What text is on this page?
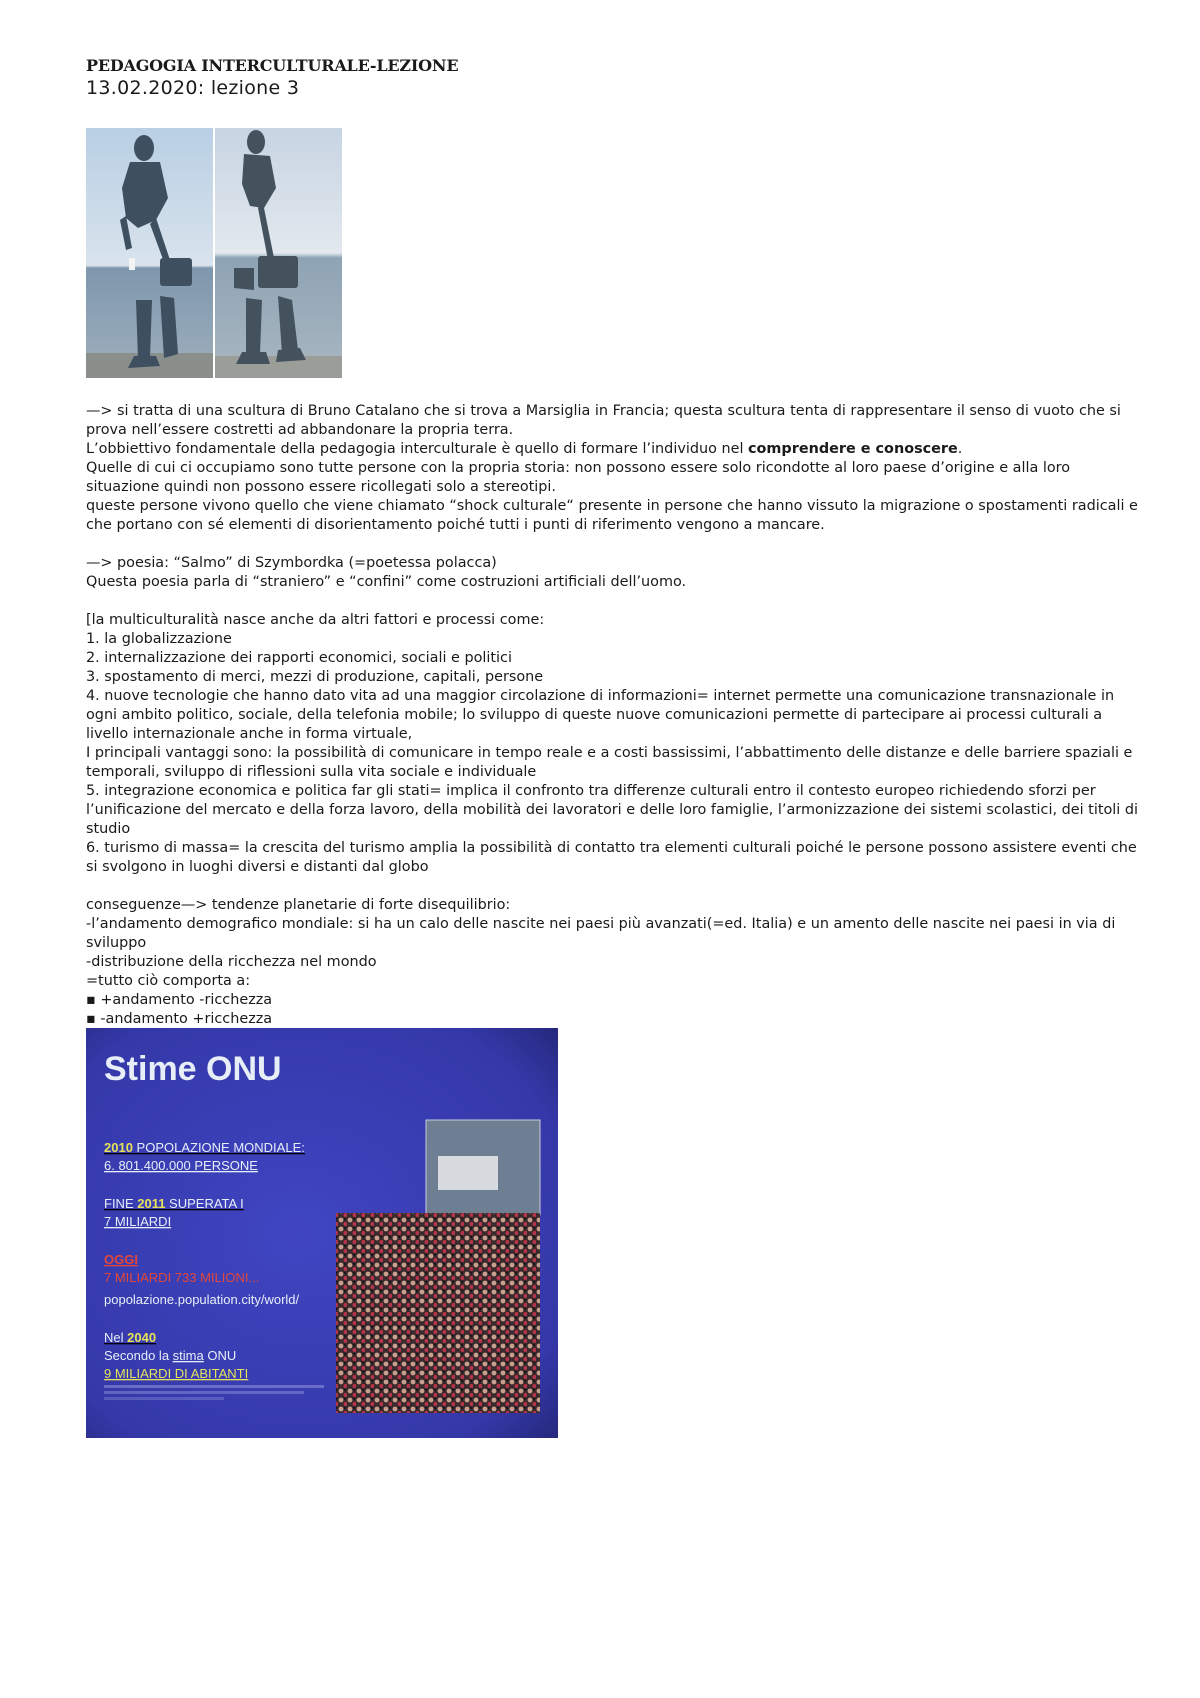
PEDAGOGIA INTERCULTURALE-LEZIONE
13.02.2020: lezione 3

—> si tratta di una scultura di Bruno Catalano che si trova a Marsiglia in Francia; questa scultura tenta di rappresentare il senso di vuoto che si prova nell’essere costretti ad abbandonare la propria terra.

L’obbiettivo fondamentale della pedagogia interculturale è quello di formare l’individuo nel comprendere e conoscere.

Quelle di cui ci occupiamo sono tutte persone con la propria storia: non possono essere solo ricondotte al loro paese d’origine e alla loro situazione quindi non possono essere ricollegati solo a stereotipi.

queste persone vivono quello che viene chiamato “shock culturale“ presente in persone che hanno vissuto la migrazione o spostamenti radicali e che portano con sé elementi di disorientamento poiché tutti i punti di riferimento vengono a mancare.

—> poesia: “Salmo” di Szymbordka (=poetessa polacca)

Questa poesia parla di “straniero” e “confini” come costruzioni artificiali dell’uomo.

[la multiculturalità nasce anche da altri fattori e processi come:

1. la globalizzazione

2. internalizzazione dei rapporti economici, sociali e politici

3. spostamento di merci, mezzi di produzione, capitali, persone

4. nuove tecnologie che hanno dato vita ad una maggior circolazione di informazioni= internet permette una comunicazione transnazionale in ogni ambito politico, sociale, della telefonia mobile; lo sviluppo di queste nuove comunicazioni permette di partecipare ai processi culturali a livello internazionale anche in forma virtuale,

I principali vantaggi sono: la possibilità di comunicare in tempo reale e a costi bassissimi, l’abbattimento delle distanze e delle barriere spaziali e temporali, sviluppo di riflessioni sulla vita sociale e individuale

5. integrazione economica e politica far gli stati= implica il confronto tra differenze culturali entro il contesto europeo richiedendo sforzi per l’unificazione del mercato e della forza lavoro, della mobilità dei lavoratori e delle loro famiglie, l’armonizzazione dei sistemi scolastici, dei titoli di studio

6. turismo di massa= la crescita del turismo amplia la possibilità di contatto tra elementi culturali poiché le persone possono assistere eventi che si svolgono in luoghi diversi e distanti dal globo

conseguenze—> tendenze planetarie di forte disequilibrio:

-l’andamento demografico mondiale: si ha un calo delle nascite nei paesi più avanzati(=ed. Italia) e un amento delle nascite nei paesi in via di sviluppo

-distribuzione della ricchezza nel mondo

=tutto ciò comporta a:

▪ +andamento -ricchezza

▪ -andamento +ricchezza

Stime ONU
2010 POPOLAZIONE MONDIALE:
6. 801.400.000 PERSONE
FINE 2011 SUPERATA I
7 MILIARDI
OGGI
7 MILIARDI 733 MILIONI...
popolazione.population.city/world/
Nel 2040
Secondo la stima ONU
9 MILIARDI DI ABITANTI
